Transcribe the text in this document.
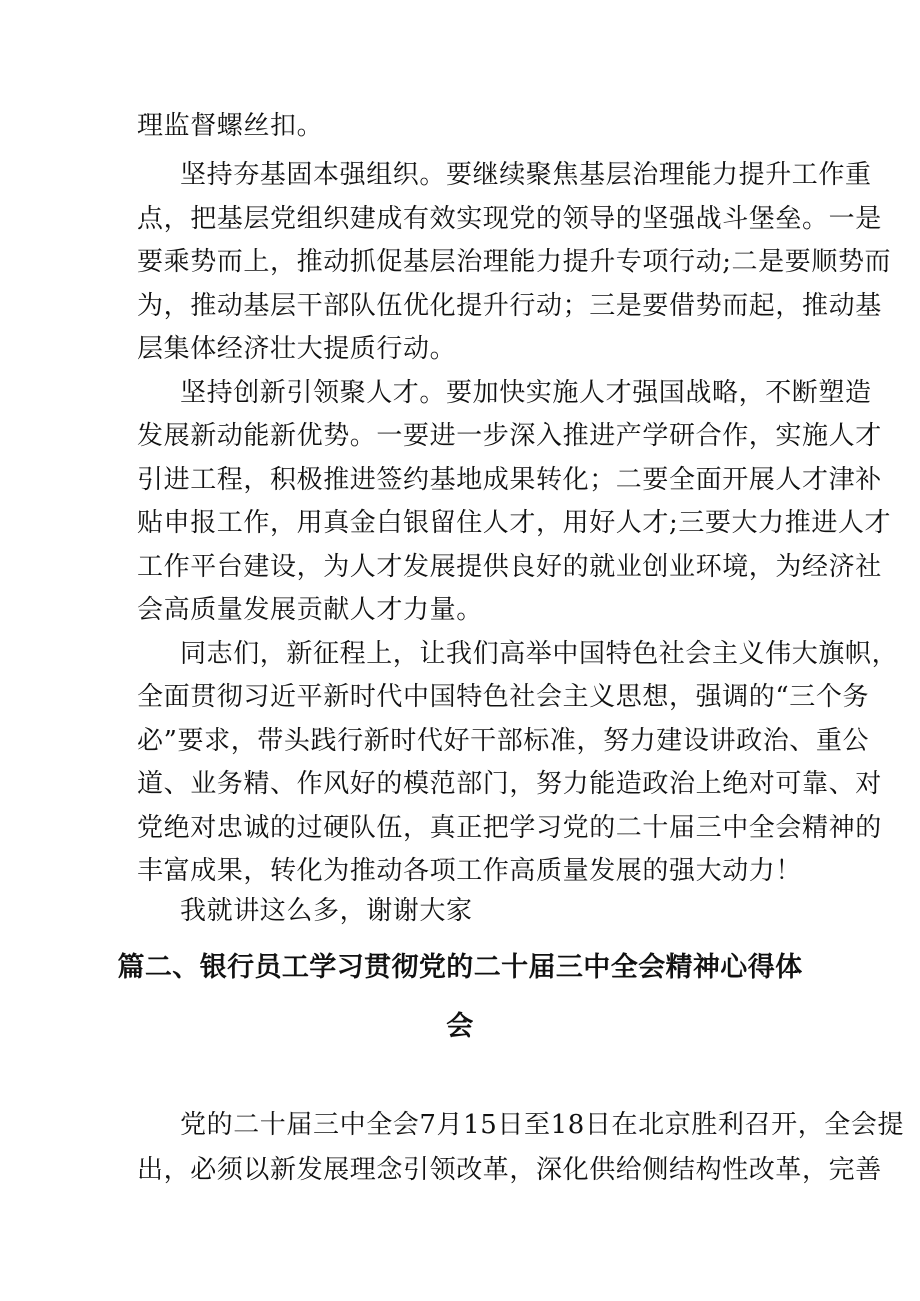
理监督螺丝扣。
坚持夯基固本强组织。要继续聚焦基层治理能力提升工作重
点，把基层党组织建成有效实现党的领导的坚强战斗堡垒。一是
要乘势而上，推动抓促基层治理能力提升专项行动;二是要顺势而
为，推动基层干部队伍优化提升行动；三是要借势而起，推动基
层集体经济壮大提质行动。
坚持创新引领聚人才。要加快实施人才强国战略，不断塑造
发展新动能新优势。一要进一步深入推进产学研合作，实施人才
引进工程，积极推进签约基地成果转化；二要全面开展人才津补
贴申报工作，用真金白银留住人才，用好人才;三要大力推进人才
工作平台建设，为人才发展提供良好的就业创业环境，为经济社
会高质量发展贡献人才力量。
同志们，新征程上，让我们高举中国特色社会主义伟大旗帜，
全面贯彻习近平新时代中国特色社会主义思想，强调的“三个务
必”要求，带头践行新时代好干部标准，努力建设讲政治、重公
道、业务精、作风好的模范部门，努力能造政治上绝对可靠、对
党绝对忠诚的过硬队伍，真正把学习党的二十届三中全会精神的
丰富成果，转化为推动各项工作高质量发展的强大动力！
我就讲这么多，谢谢大家
篇二、银行员工学习贯彻党的二十届三中全会精神心得体
会
党的二十届三中全会7月15日至18日在北京胜利召开，全会提
出，必须以新发展理念引领改革，深化供给侧结构性改革，完善
